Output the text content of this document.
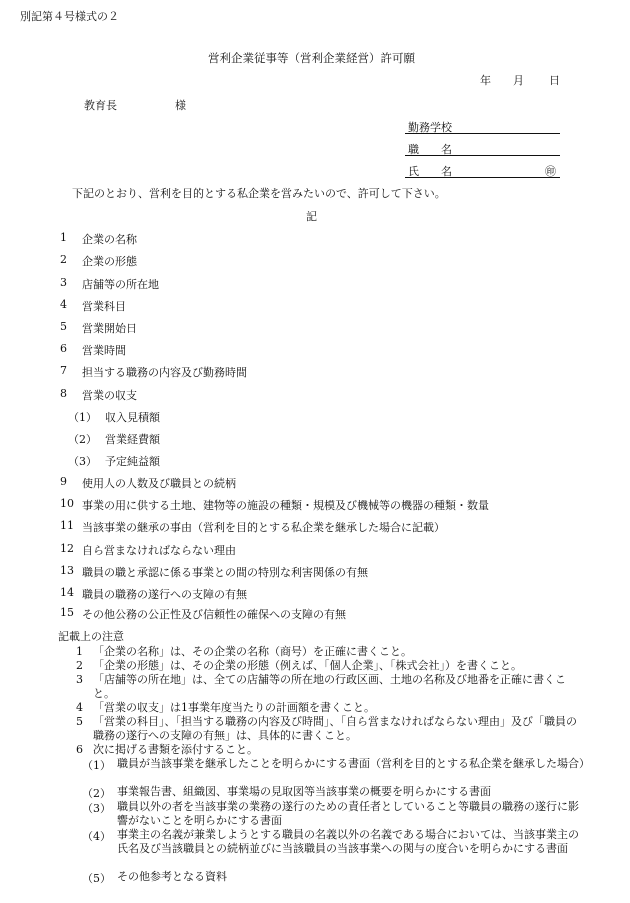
別記第４号様式の２
営利企業従事等（営利企業経営）許可願
年 月 日
教育長	様
勤務学校
職　　名
氏　　名	㊞
下記のとおり、営利を目的とする私企業を営みたいので、許可して下さい。
記
1 企業の名称
2 企業の形態
3 店舗等の所在地
4 営業科目
5 営業開始日
6 営業時間
7 担当する職務の内容及び勤務時間
8 営業の収支
（1） 収入見積額
（2） 営業経費額
（3） 予定純益額
9 使用人の人数及び職員との続柄
10 事業の用に供する土地、建物等の施設の種類・規模及び機械等の機器の種類・数量
11 当該事業の継承の事由（営利を目的とする私企業を継承した場合に記載）
12 自ら営まなければならない理由
13 職員の職と承認に係る事業との間の特別な利害関係の有無
14 職員の職務の遂行への支障の有無
15 その他公務の公正性及び信頼性の確保への支障の有無
記載上の注意
1 「企業の名称」は、その企業の名称（商号）を正確に書くこと。
2 「企業の形態」は、その企業の形態（例えば、「個人企業」、「株式会社」）を書くこと。
3 「店舗等の所在地」は、全ての店舗等の所在地の行政区画、土地の名称及び地番を正確に書くこと。
4 「営業の収支」は1事業年度当たりの計画額を書くこと。
5 「営業の科目」、「担当する職務の内容及び時間」、「自ら営まなければならない理由」及び「職員の職務の遂行への支障の有無」は、具体的に書くこと。
6 次に掲げる書類を添付すること。
（1） 職員が当該事業を継承したことを明らかにする書面（営利を目的とする私企業を継承した場合）
（2） 事業報告書、組織図、事業場の見取図等当該事業の概要を明らかにする書面
（3） 職員以外の者を当該事業の業務の遂行のための責任者としていること等職員の職務の遂行に影響がないことを明らかにする書面
（4） 事業主の名義が兼業しようとする職員の名義以外の名義である場合においては、当該事業主の氏名及び当該職員との続柄並びに当該職員の当該事業への関与の度合いを明らかにする書面
（5） その他参考となる資料
